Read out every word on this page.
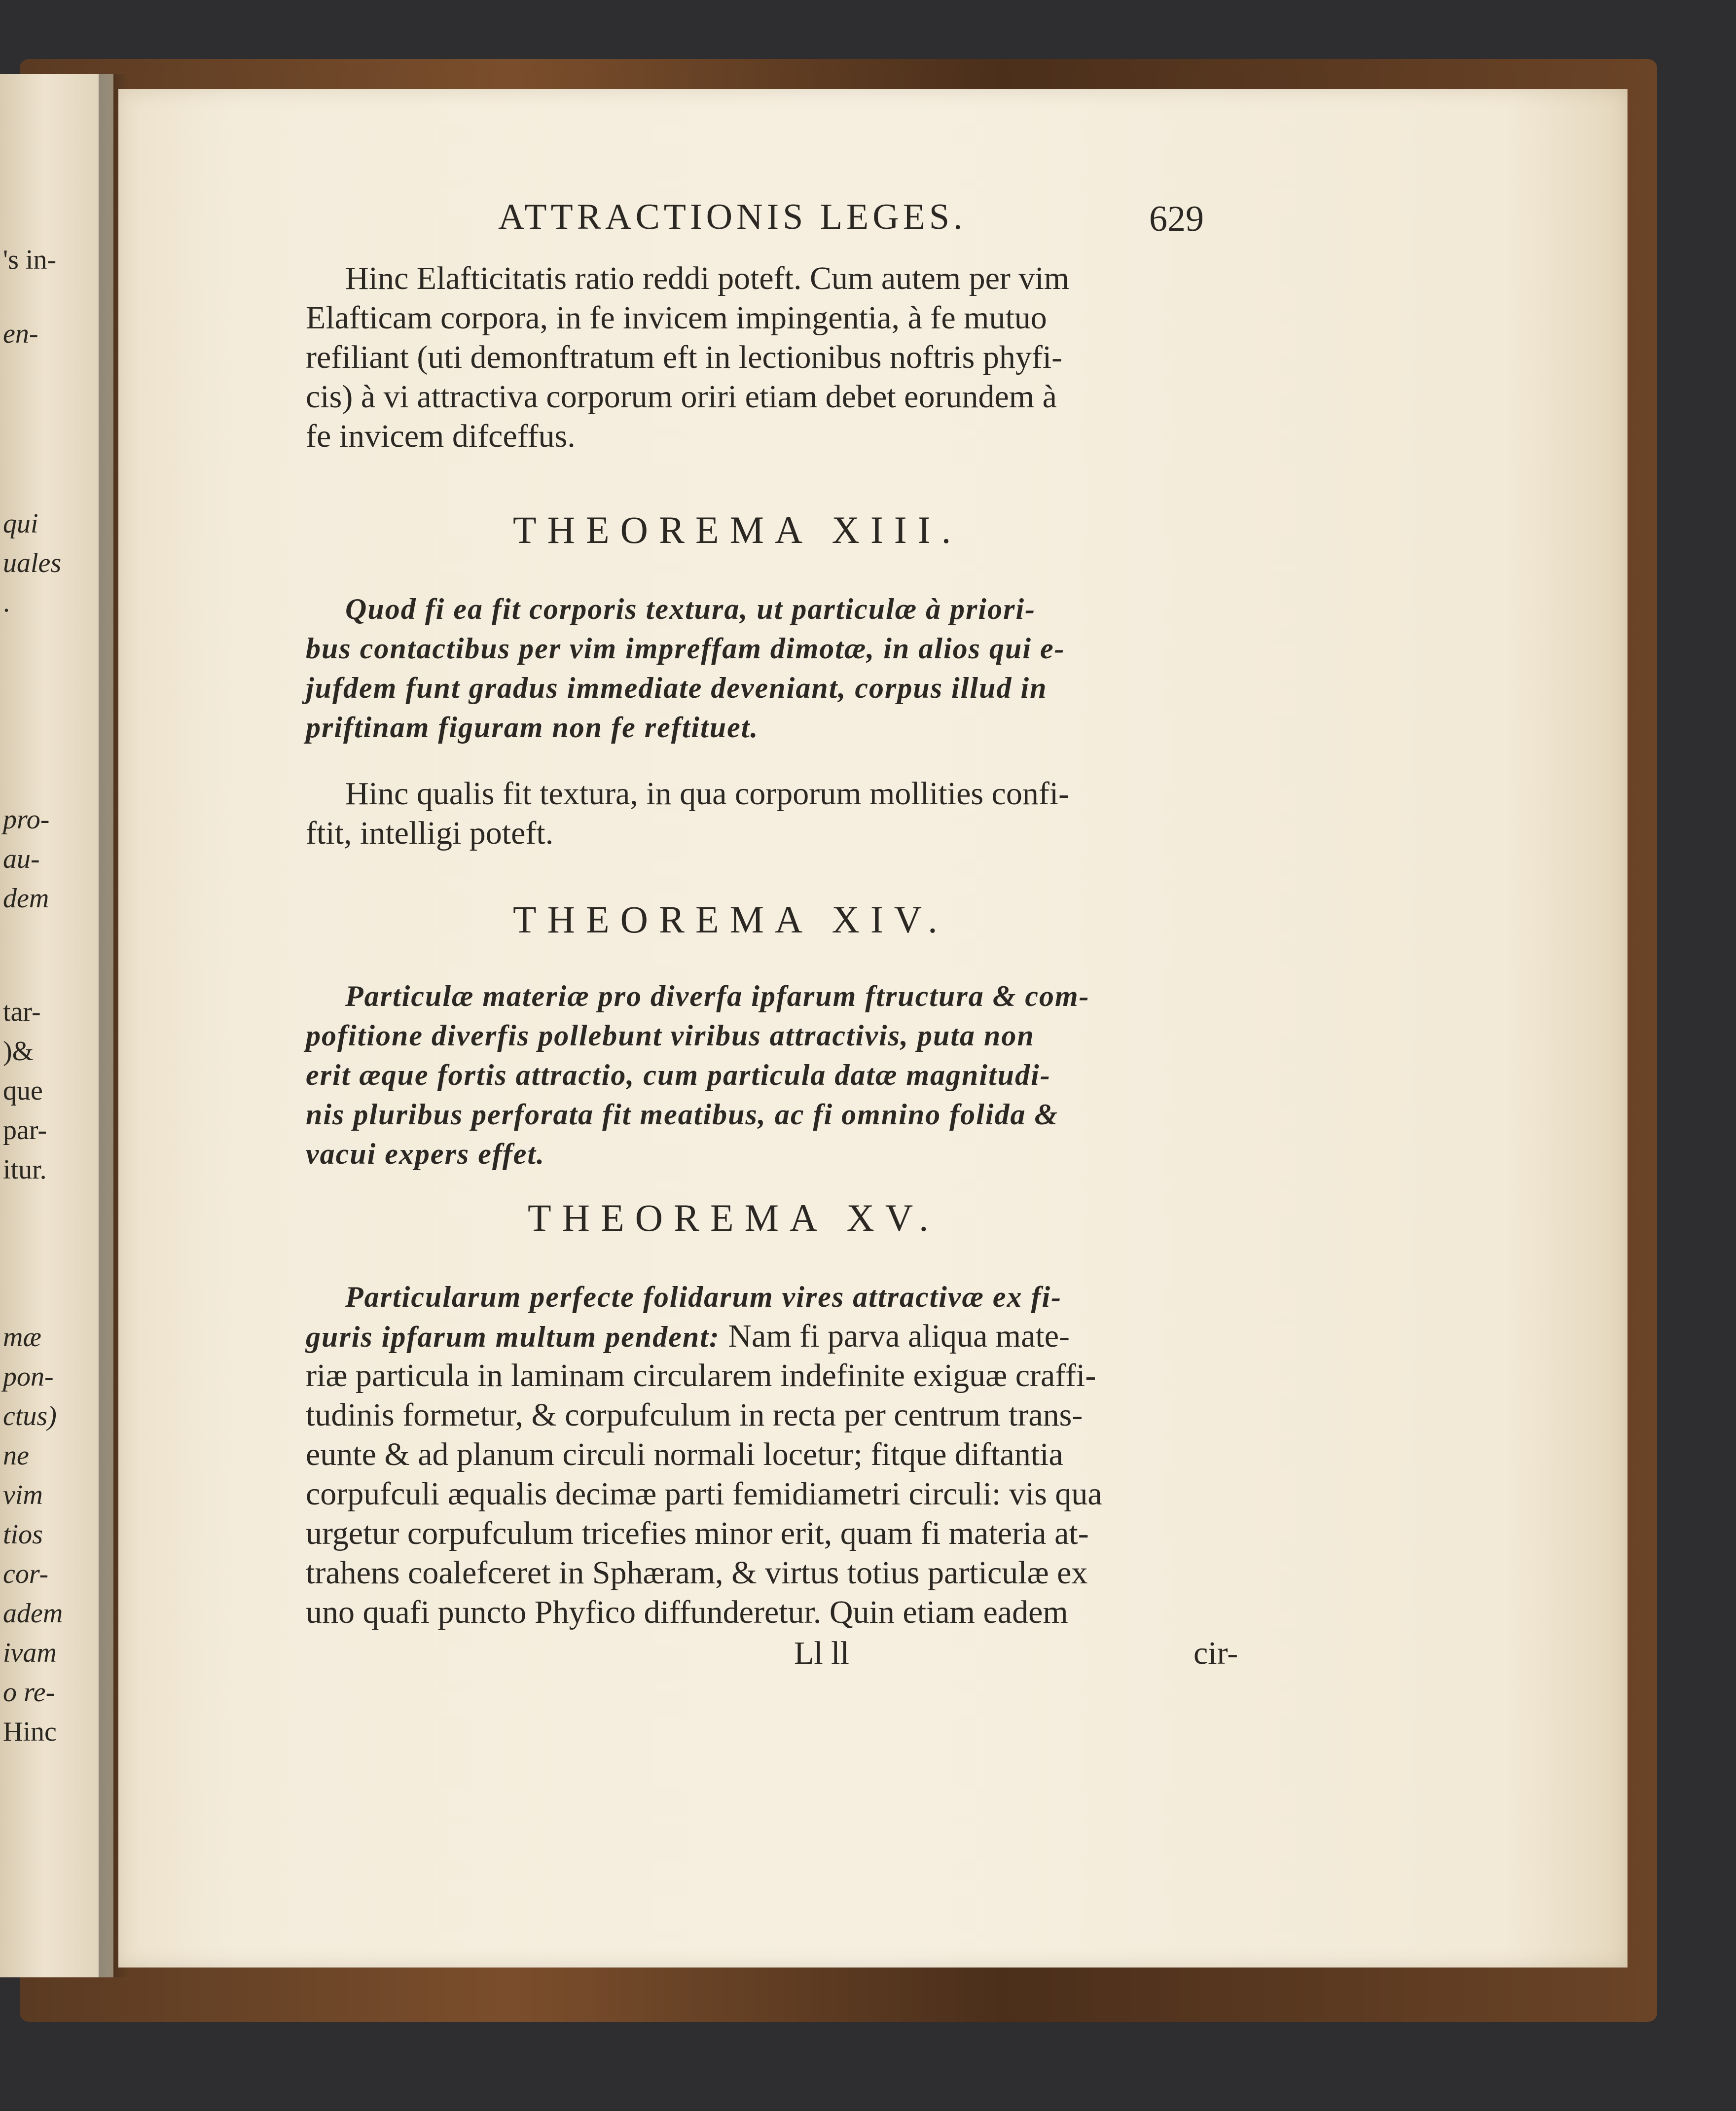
's in-
en-
qui
uales
.
pro-
au-
dem
tar-
)&
que
par-
itur.
mæ
pon-
ctus)
ne
vim
tios
cor-
adem
ivam
o re-
Hinc
ATTRACTIONIS LEGES.	629
Hinc Elafticitatis ratio reddi poteft. Cum autem per vim
Elafticam corpora, in fe invicem impingentia, à fe mutuo
refiliant (uti demonftratum eft in lectionibus noftris phyfi-
cis) à vi attractiva corporum oriri etiam debet eorundem à
fe invicem difceffus.
THEOREMA XIII.
Quod fi ea fit corporis textura, ut particulæ à priori-
bus contactibus per vim impreffam dimotæ, in alios qui e-
jufdem funt gradus immediate deveniant, corpus illud in
priftinam figuram non fe reftituet.
Hinc qualis fit textura, in qua corporum mollities confi-
ftit, intelligi poteft.
THEOREMA XIV.
Particulæ materiæ pro diverfa ipfarum ftructura & com-
pofitione diverfis pollebunt viribus attractivis, puta non
erit æque fortis attractio, cum particula datæ magnitudi-
nis pluribus perforata fit meatibus, ac fi omnino folida &
vacui expers effet.
THEOREMA XV.
Particularum perfecte folidarum vires attractivæ ex fi-
guris ipfarum multum pendent: Nam fi parva aliqua mate-
riæ particula in laminam circularem indefinite exiguæ craffi-
tudinis formetur, & corpufculum in recta per centrum trans-
eunte & ad planum circuli normali locetur; fitque diftantia
corpufculi æqualis decimæ parti femidiametri circuli: vis qua
urgetur corpufculum tricefies minor erit, quam fi materia at-
trahens coalefceret in Sphæram, & virtus totius particulæ ex
uno quafi puncto Phyfico diffunderetur. Quin etiam eadem
Ll ll	cir-
